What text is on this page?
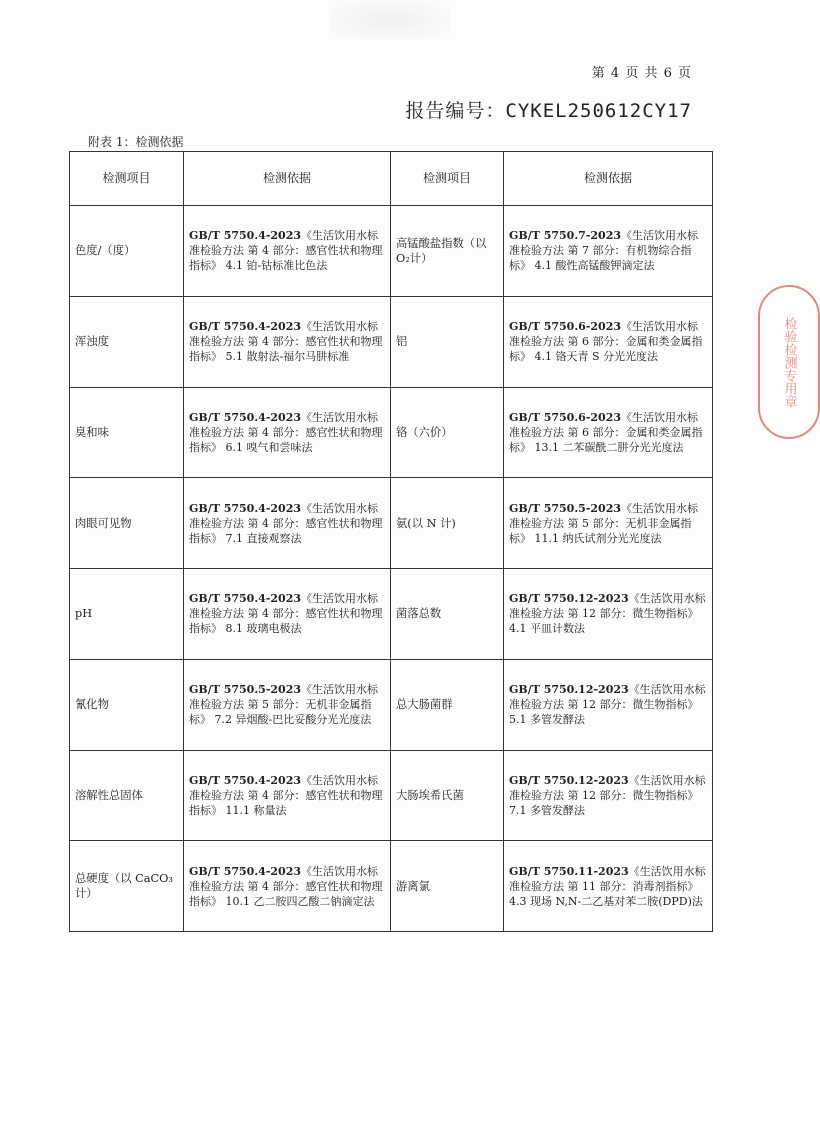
第 4 页 共 6 页
报告编号：CYKEL250612CY17
附表 1：检测依据
检测项目	检测依据	检测项目	检测依据
色度/（度）	GB/T 5750.4-2023《生活饮用水标准检验方法 第 4 部分：感官性状和物理指标》 4.1 铂-钴标准比色法	高锰酸盐指数（以O₂计）	GB/T 5750.7-2023《生活饮用水标准检验方法 第 7 部分：有机物综合指标》 4.1 酸性高锰酸钾滴定法
浑浊度	GB/T 5750.4-2023《生活饮用水标准检验方法 第 4 部分：感官性状和物理指标》 5.1 散射法-福尔马肼标准	铝	GB/T 5750.6-2023《生活饮用水标准检验方法 第 6 部分：金属和类金属指标》 4.1 铬天青 S 分光光度法
臭和味	GB/T 5750.4-2023《生活饮用水标准检验方法 第 4 部分：感官性状和物理指标》 6.1 嗅气和尝味法	铬（六价）	GB/T 5750.6-2023《生活饮用水标准检验方法 第 6 部分：金属和类金属指标》 13.1 二苯碳酰二肼分光光度法
肉眼可见物	GB/T 5750.4-2023《生活饮用水标准检验方法 第 4 部分：感官性状和物理指标》 7.1 直接观察法	氨(以 N 计)	GB/T 5750.5-2023《生活饮用水标准检验方法 第 5 部分：无机非金属指标》 11.1 纳氏试剂分光光度法
pH	GB/T 5750.4-2023《生活饮用水标准检验方法 第 4 部分：感官性状和物理指标》 8.1 玻璃电极法	菌落总数	GB/T 5750.12-2023《生活饮用水标准检验方法 第 12 部分：微生物指标》 4.1 平皿计数法
氰化物	GB/T 5750.5-2023《生活饮用水标准检验方法 第 5 部分：无机非金属指标》 7.2 异烟酸-巴比妥酸分光光度法	总大肠菌群	GB/T 5750.12-2023《生活饮用水标准检验方法 第 12 部分：微生物指标》 5.1 多管发酵法
溶解性总固体	GB/T 5750.4-2023《生活饮用水标准检验方法 第 4 部分：感官性状和物理指标》 11.1 称量法	大肠埃希氏菌	GB/T 5750.12-2023《生活饮用水标准检验方法 第 12 部分：微生物指标》 7.1 多管发酵法
总硬度（以 CaCO₃ 计）	GB/T 5750.4-2023《生活饮用水标准检验方法 第 4 部分：感官性状和物理指标》 10.1 乙二胺四乙酸二钠滴定法	游离氯	GB/T 5750.11-2023《生活饮用水标准检验方法 第 11 部分：消毒剂指标》 4.3 现场 N,N-二乙基对苯二胺(DPD)法
检验检测专用章
